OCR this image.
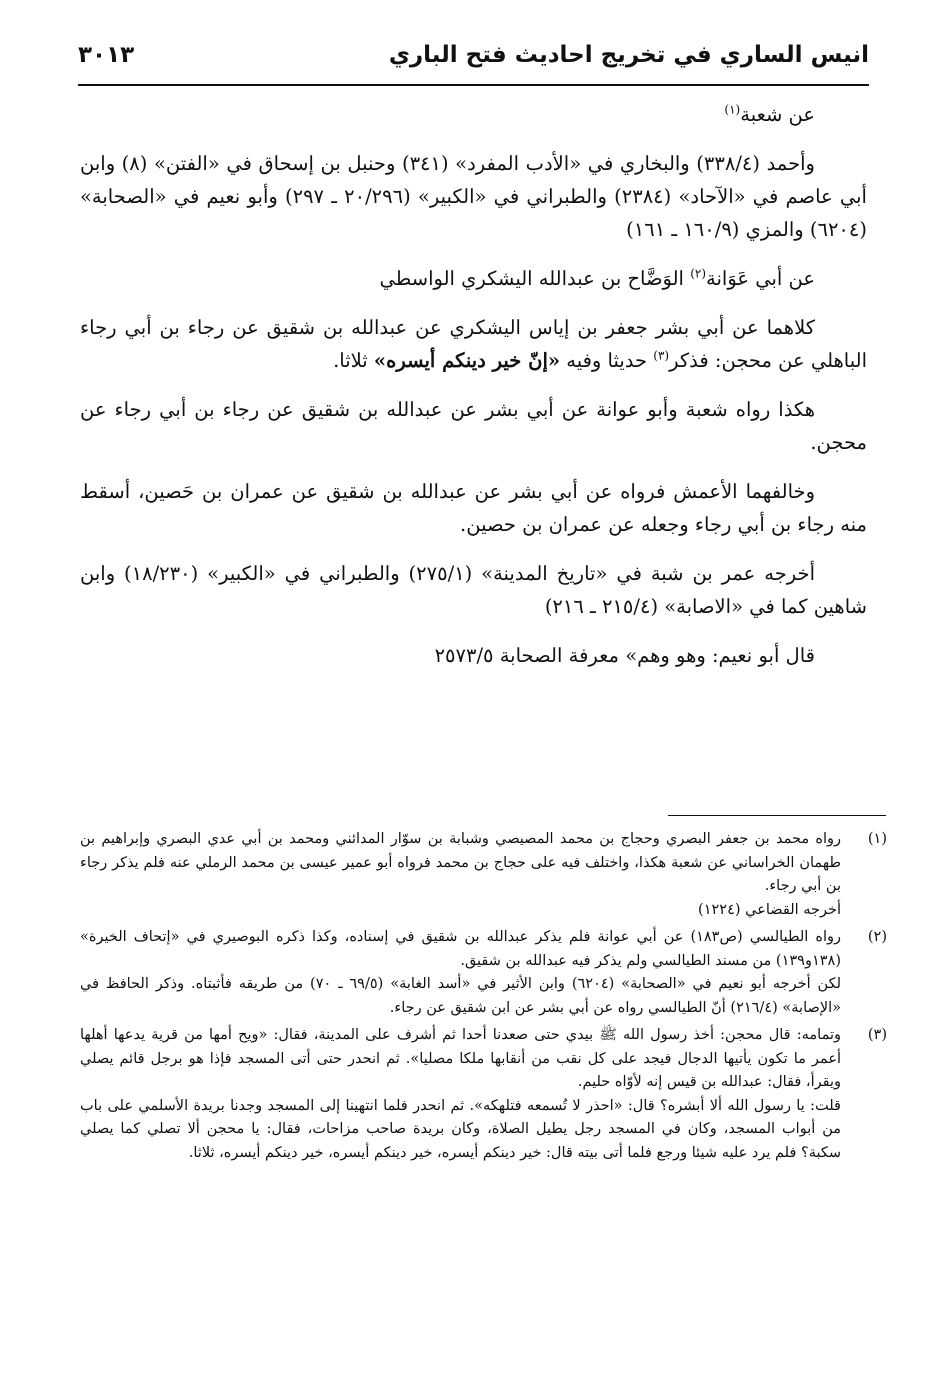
انيس الساري في تخريج احاديث فتح الباري
٣٠١٣

عن شعبة$^{(١)}$

وأحمد (٣٣٨/٤) والبخاري في «الأدب المفرد» (٣٤١) وحنبل بن إسحاق في «الفتن» (٨) وابن أبي عاصم في «الآحاد» (٢٣٨٤) والطبراني في «الكبير» (٢٠/٢٩٦ ـ ٢٩٧) وأبو نعيم في «الصحابة» (٦٢٠٤) والمزي (١٦٠/٩ ـ ١٦١)

عن أبي عَوَانة$^{(٢)}$ الوَضَّاح بن عبدالله اليشكري الواسطي

كلاهما عن أبي بشر جعفر بن إياس اليشكري عن عبدالله بن شقيق عن رجاء بن أبي رجاء الباهلي عن محجن: فذكر$^{(٣)}$ حديثا وفيه «إنّ خير دينكم أيسره» ثلاثا.

هكذا رواه شعبة وأبو عوانة عن أبي بشر عن عبدالله بن شقيق عن رجاء بن أبي رجاء عن محجن.

وخالفهما الأعمش فرواه عن أبي بشر عن عبدالله بن شقيق عن عمران بن حَصين، أسقط منه رجاء بن أبي رجاء وجعله عن عمران بن حصين.

أخرجه عمر بن شبة في «تاريخ المدينة» (٢٧٥/١) والطبراني في «الكبير» (١٨/٢٣٠) وابن شاهين كما في «الاصابة» (٢١٥/٤ ـ ٢١٦)

قال أبو نعيم: وهو وهم» معرفة الصحابة ٢٥٧٣/٥

(١)

رواه محمد بن جعفر البصري وحجاج بن محمد المصيصي وشبابة بن سوّار المدائني ومحمد بن أبي عدي البصري وإبراهيم بن طهمان الخراساني عن شعبة هكذا، واختلف فيه على حجاج بن محمد فرواه أبو عمير عيسى بن محمد الرملي عنه فلم يذكر رجاء بن أبي رجاء.

أخرجه القضاعي (١٢٢٤)

(٢)

رواه الطيالسي (ص١٨٣) عن أبي عوانة فلم يذكر عبدالله بن شقيق في إسناده، وكذا ذكره البوصيري في «إتحاف الخيرة» (١٣٨و١٣٩) من مسند الطيالسي ولم يذكر فيه عبدالله بن شقيق.

لكن أخرجه أبو نعيم في «الصحابة» (٦٢٠٤) وابن الأثير في «أسد الغابة» (٦٩/٥ ـ ٧٠) من طريقه فأثبتاه. وذكر الحافظ في «الإصابة» (٢١٦/٤) أنّ الطيالسي رواه عن أبي بشر عن ابن شقيق عن رجاء.

(٣)

وتمامه: قال محجن: أخذ رسول الله ﷺ بيدي حتى صعدنا أحدا ثم أشرف على المدينة، فقال: «ويح أمها من قرية يدعها أهلها أعمر ما تكون يأتيها الدجال فيجد على كل نقب من أنقابها ملكا مصليا». ثم انحدر حتى أتى المسجد فإذا هو برجل قائم يصلي ويقرأ، فقال: عبدالله بن قيس إنه لأوّاه حليم.

قلت: يا رسول الله ألا أبشره؟ قال: «احذر لا تُسمعه فتلهكه». ثم انحدر فلما انتهينا إلى المسجد وجدنا بريدة الأسلمي على باب من أبواب المسجد، وكان في المسجد رجل يطيل الصلاة، وكان بريدة صاحب مزاحات، فقال: يا محجن ألا تصلي كما يصلي سكبة؟ فلم يرد عليه شيئا ورجع فلما أتى بيته قال: خير دينكم أيسره، خير دينكم أيسره، خير دينكم أيسره، ثلاثا.
